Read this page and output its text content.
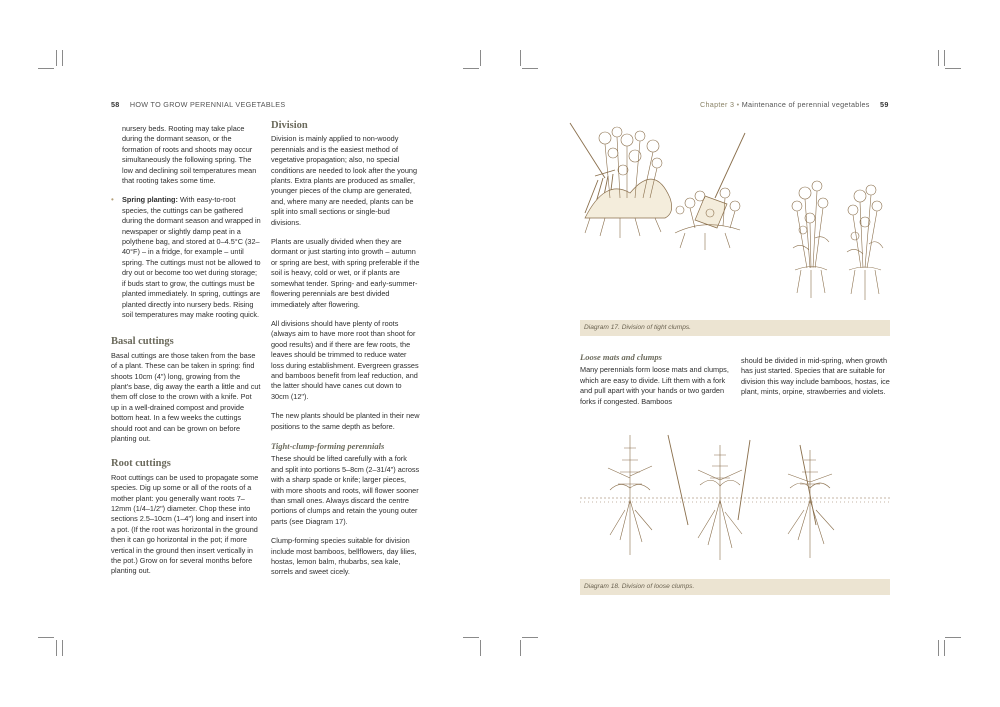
58 HOW TO GROW PERENNIAL VEGETABLES	Chapter 3 • Maintenance of perennial vegetables 59

nursery beds. Rooting may take place during the dormant season, or the formation of roots and shoots may occur simultaneously the following spring. The low and declining soil temperatures mean that rooting takes some time.

• Spring planting: With easy-to-root species, the cuttings can be gathered during the dormant season and wrapped in newspaper or slightly damp peat in a polythene bag, and stored at 0–4.5°C (32–40°F) – in a fridge, for example – until spring. The cuttings must not be allowed to dry out or become too wet during storage; if buds start to grow, the cuttings must be planted immediately. In spring, cuttings are planted directly into nursery beds. Rising soil temperatures may make rooting quick.
Basal cuttings

Basal cuttings are those taken from the base of a plant. These can be taken in spring: find shoots 10cm (4") long, growing from the plant's base, dig away the earth a little and cut them off close to the crown with a knife. Pot up in a well-drained compost and provide bottom heat. In a few weeks the cuttings should root and can be grown on before planting out.

Root cuttings

Root cuttings can be used to propagate some species. Dig up some or all of the roots of a mother plant: you generally want roots 7–12mm (1/4–1/2") diameter. Chop these into sections 2.5–10cm (1–4") long and insert into a pot. (If the root was horizontal in the ground then it can go horizontal in the pot; if more vertical in the ground then insert vertically in the pot.) Grow on for several months before planting out.

Division

Division is mainly applied to non-woody perennials and is the easiest method of vegetative propagation; also, no special conditions are needed to look after the young plants. Extra plants are produced as smaller, younger pieces of the clump are generated, and, where many are needed, plants can be split into small sections or single-bud divisions.

Plants are usually divided when they are dormant or just starting into growth – autumn or spring are best, with spring preferable if the soil is heavy, cold or wet, or if plants are somewhat tender. Spring- and early-summer-flowering perennials are best divided immediately after flowering.

All divisions should have plenty of roots (always aim to have more root than shoot for good results) and if there are few roots, the leaves should be trimmed to reduce water loss during establishment. Evergreen grasses and bamboos benefit from leaf reduction, and the latter should have canes cut down to 30cm (12").

The new plants should be planted in their new positions to the same depth as before.

Tight-clump-forming perennials

These should be lifted carefully with a fork and split into portions 5–8cm (2–31/4") across with a sharp spade or knife; larger pieces, with more shoots and roots, will flower sooner than small ones. Always discard the centre portions of clumps and retain the young outer parts (see Diagram 17).

Clump-forming species suitable for division include most bamboos, bellflowers, day lilies, hostas, lemon balm, rhubarbs, sea kale, sorrels and sweet cicely.

Diagram 17. Division of tight clumps.
Loose mats and clumps

Many perennials form loose mats and clumps, which are easy to divide. Lift them with a fork and pull apart with your hands or two garden forks if congested. Bamboos

should be divided in mid-spring, when growth has just started. Species that are suitable for division this way include bamboos, hostas, ice plant, mints, orpine, strawberries and violets.

Diagram 18. Division of loose clumps.
